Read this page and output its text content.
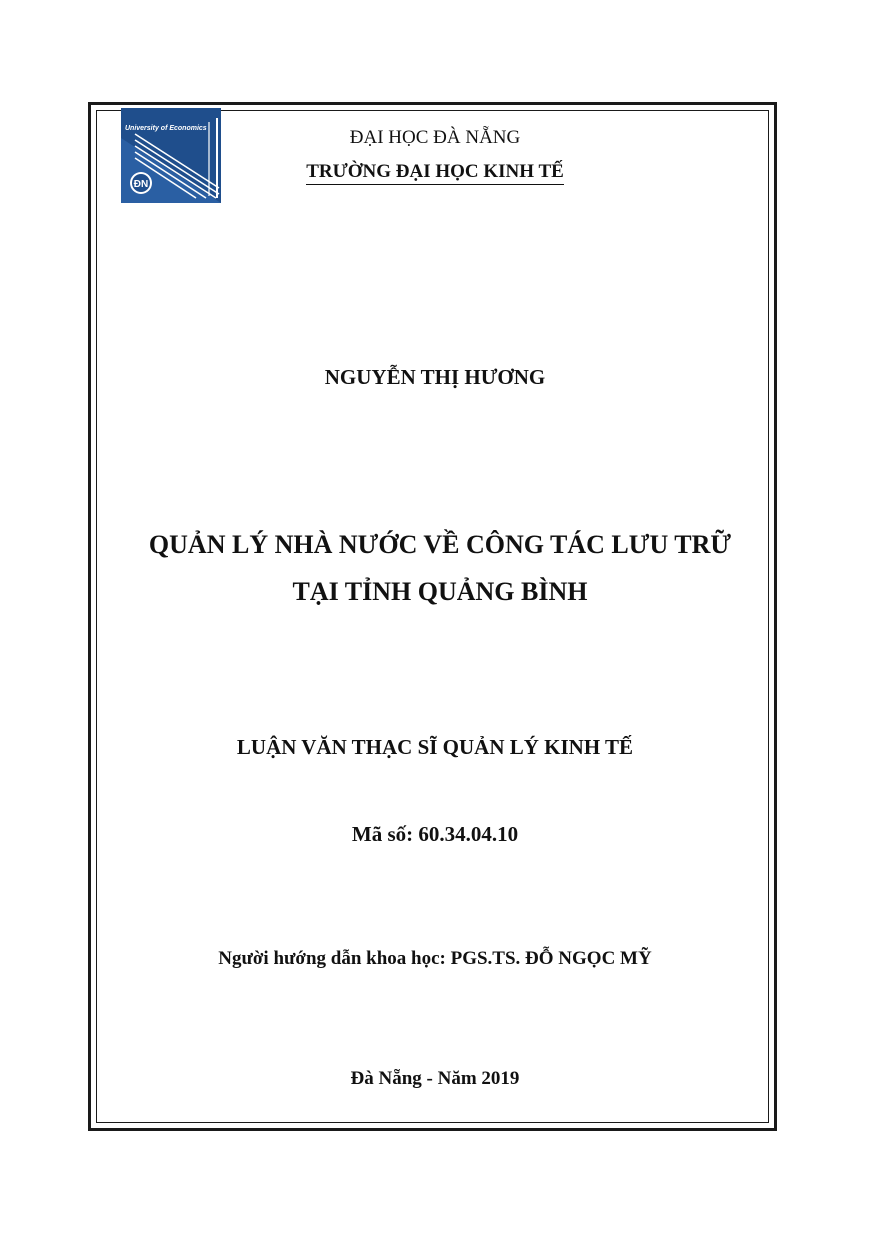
ĐN
University of Economics	ĐẠI HỌC ĐÀ NẴNG
TRƯỜNG ĐẠI HỌC KINH TẾ
NGUYỄN THỊ HƯƠNG
QUẢN LÝ NHÀ NƯỚC VỀ CÔNG TÁC LƯU TRỮ
TẠI TỈNH QUẢNG BÌNH
LUẬN VĂN THẠC SĨ QUẢN LÝ KINH TẾ
Mã số: 60.34.04.10
Người hướng dẫn khoa học: PGS.TS. ĐỖ NGỌC MỸ
Đà Nẵng - Năm 2019
